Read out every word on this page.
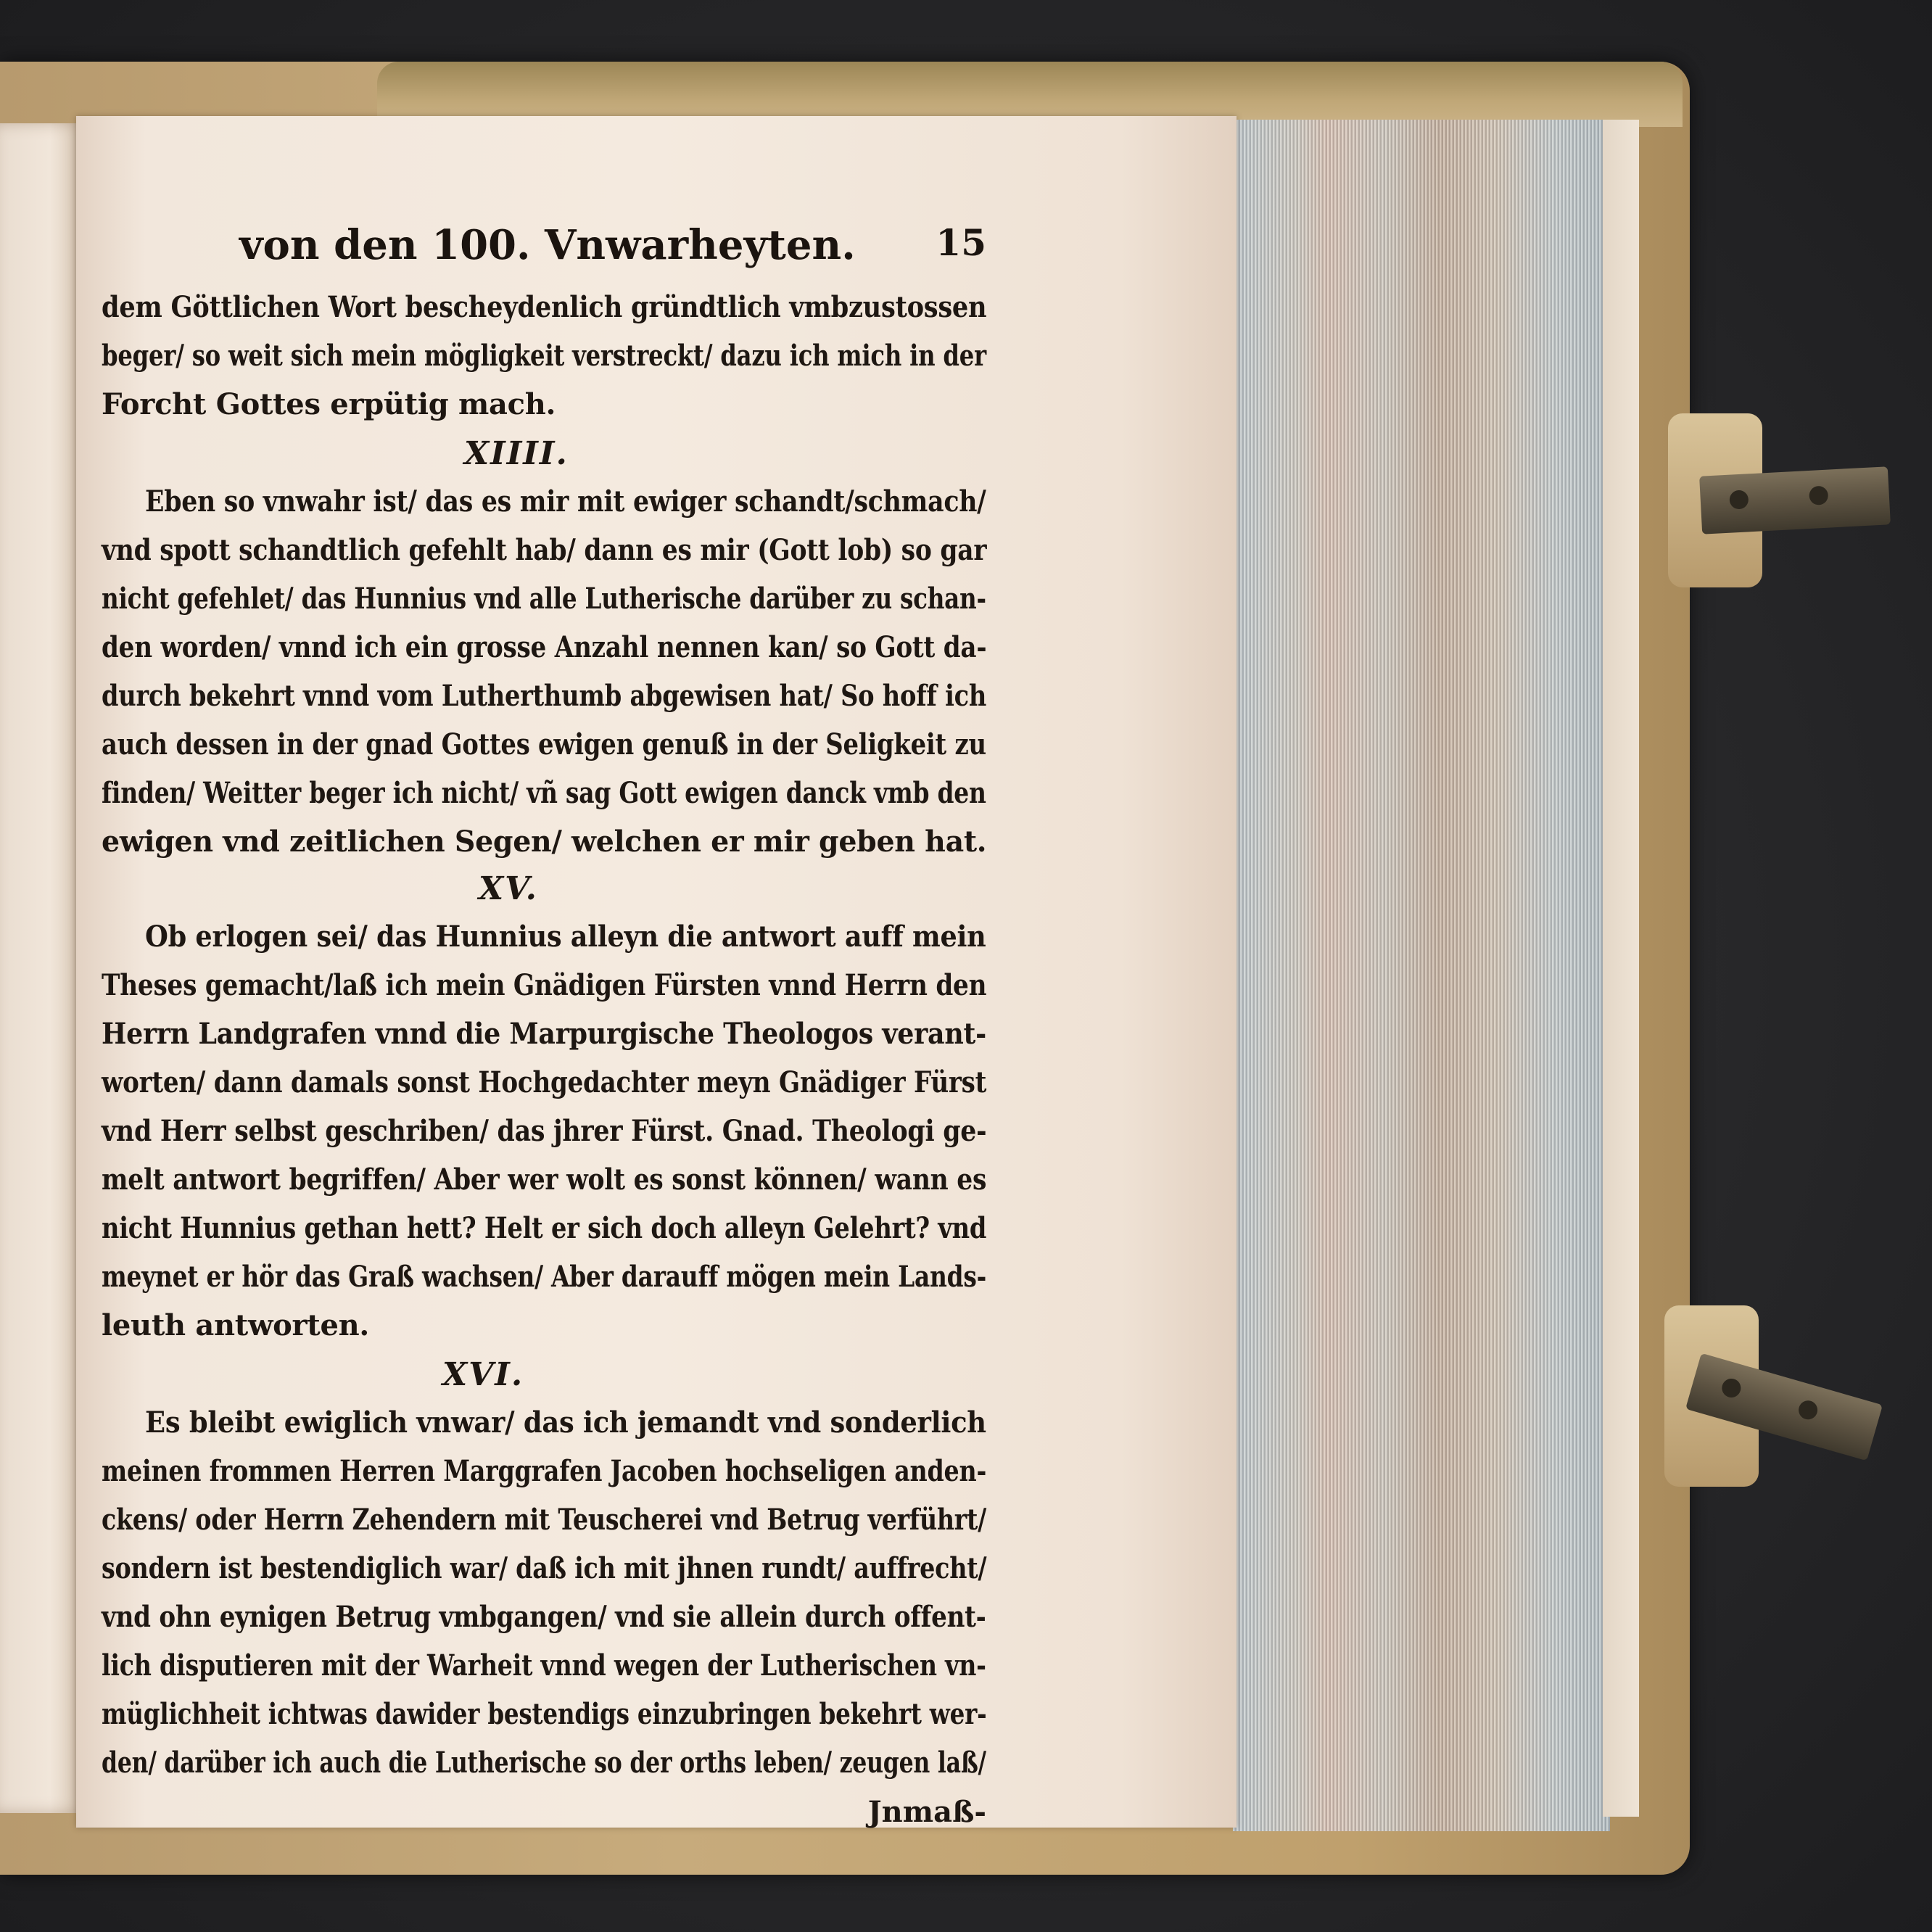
von den 100. Vnwarheyten. 15
dem Göttlichen Wort bescheydenlich gründtlich vmbzustossen
beger/ so weit sich mein mögligkeit verstreckt/ dazu ich mich in der
Forcht Gottes erpütig mach.
XIIII.
Eben so vnwahr ist/ das es mir mit ewiger schandt/schmach/
vnd spott schandtlich gefehlt hab/ dann es mir (Gott lob) so gar
nicht gefehlet/ das Hunnius vnd alle Lutherische darüber zu schan-
den worden/ vnnd ich ein grosse Anzahl nennen kan/ so Gott da-
durch bekehrt vnnd vom Lutherthumb abgewisen hat/ So hoff ich
auch dessen in der gnad Gottes ewigen genuß in der Seligkeit zu
finden/ Weitter beger ich nicht/ vñ sag Gott ewigen danck vmb den
ewigen vnd zeitlichen Segen/ welchen er mir geben hat.
XV.
Ob erlogen sei/ das Hunnius alleyn die antwort auff mein
Theses gemacht/laß ich mein Gnädigen Fürsten vnnd Herrn den
Herrn Landgrafen vnnd die Marpurgische Theologos verant-
worten/ dann damals sonst Hochgedachter meyn Gnädiger Fürst
vnd Herr selbst geschriben/ das jhrer Fürst. Gnad. Theologi ge-
melt antwort begriffen/ Aber wer wolt es sonst können/ wann es
nicht Hunnius gethan hett? Helt er sich doch alleyn Gelehrt? vnd
meynet er hör das Graß wachsen/ Aber darauff mögen mein Lands-
leuth antworten.
XVI.
Es bleibt ewiglich vnwar/ das ich jemandt vnd sonderlich
meinen frommen Herren Marggrafen Jacoben hochseligen anden-
ckens/ oder Herrn Zehendern mit Teuscherei vnd Betrug verführt/
sondern ist bestendiglich war/ daß ich mit jhnen rundt/ auffrecht/
vnd ohn eynigen Betrug vmbgangen/ vnd sie allein durch offent-
lich disputieren mit der Warheit vnnd wegen der Lutherischen vn-
müglichheit ichtwas dawider bestendigs einzubringen bekehrt wer-
den/ darüber ich auch die Lutherische so der orths leben/ zeugen laß/
Jnmaß-
